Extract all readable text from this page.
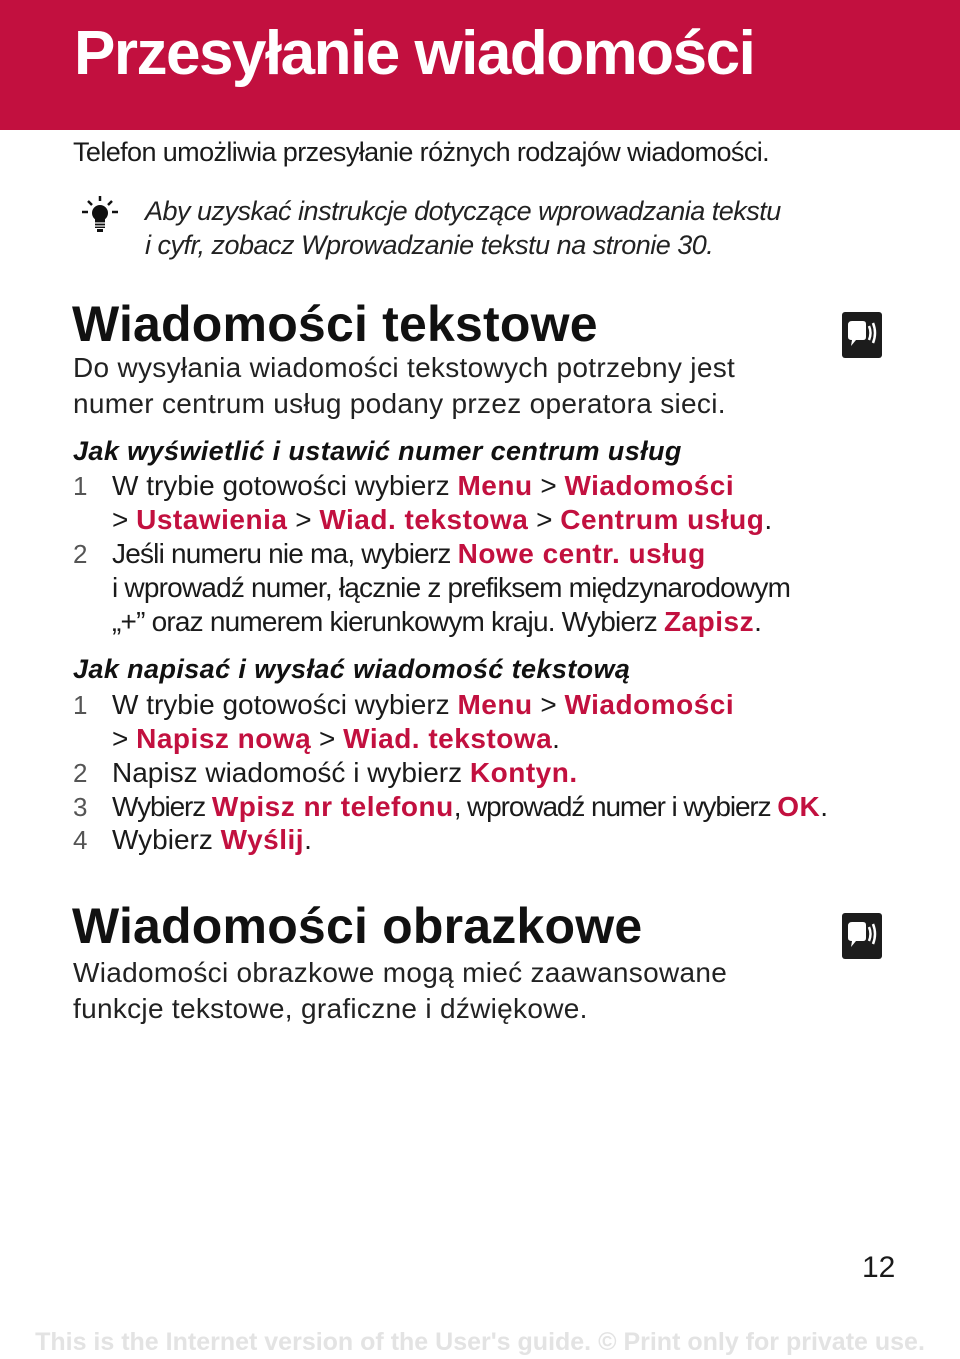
Przesyłanie wiadomości
Telefon umożliwia przesyłanie różnych rodzajów wiadomości.
Aby uzyskać instrukcje dotyczące wprowadzania tekstu
i cyfr, zobacz Wprowadzanie tekstu na stronie 30.
Wiadomości tekstowe
Do wysyłania wiadomości tekstowych potrzebny jest
numer centrum usług podany przez operatora sieci.
Jak wyświetlić i ustawić numer centrum usług
1 W trybie gotowości wybierz Menu > Wiadomości
> Ustawienia > Wiad. tekstowa > Centrum usług.
2 Jeśli numeru nie ma, wybierz Nowe centr. usług
i wprowadź numer, łącznie z prefiksem międzynarodowym
„+” oraz numerem kierunkowym kraju. Wybierz Zapisz.
Jak napisać i wysłać wiadomość tekstową
1 W trybie gotowości wybierz Menu > Wiadomości
> Napisz nową > Wiad. tekstowa.
2 Napisz wiadomość i wybierz Kontyn.
3 Wybierz Wpisz nr telefonu, wprowadź numer i wybierz OK.
4 Wybierz Wyślij.
Wiadomości obrazkowe
Wiadomości obrazkowe mogą mieć zaawansowane
funkcje tekstowe, graficzne i dźwiękowe.
12
This is the Internet version of the User's guide. © Print only for private use.
